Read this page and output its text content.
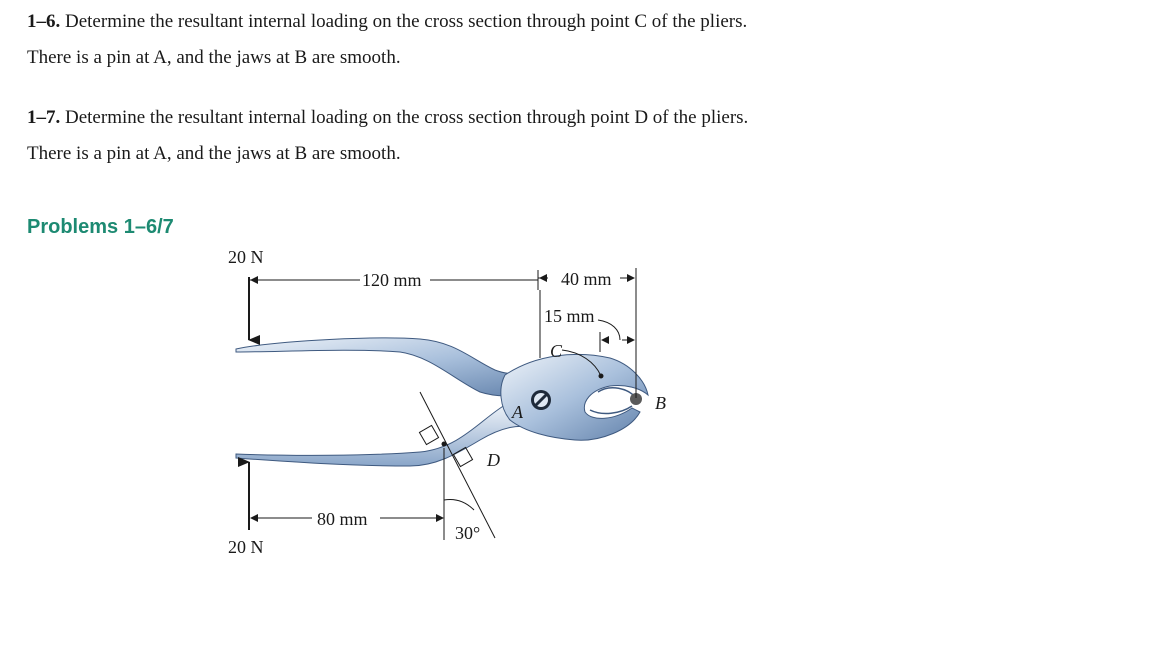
1–6. Determine the resultant internal loading on the cross section through point C of the pliers.
There is a pin at A, and the jaws at B are smooth.
1–7. Determine the resultant internal loading on the cross section through point D of the pliers.
There is a pin at A, and the jaws at B are smooth.
Problems 1–6/7
20 N
20 N
120 mm	40 mm
15 mm
80 mm
30°
A	B
C
D
